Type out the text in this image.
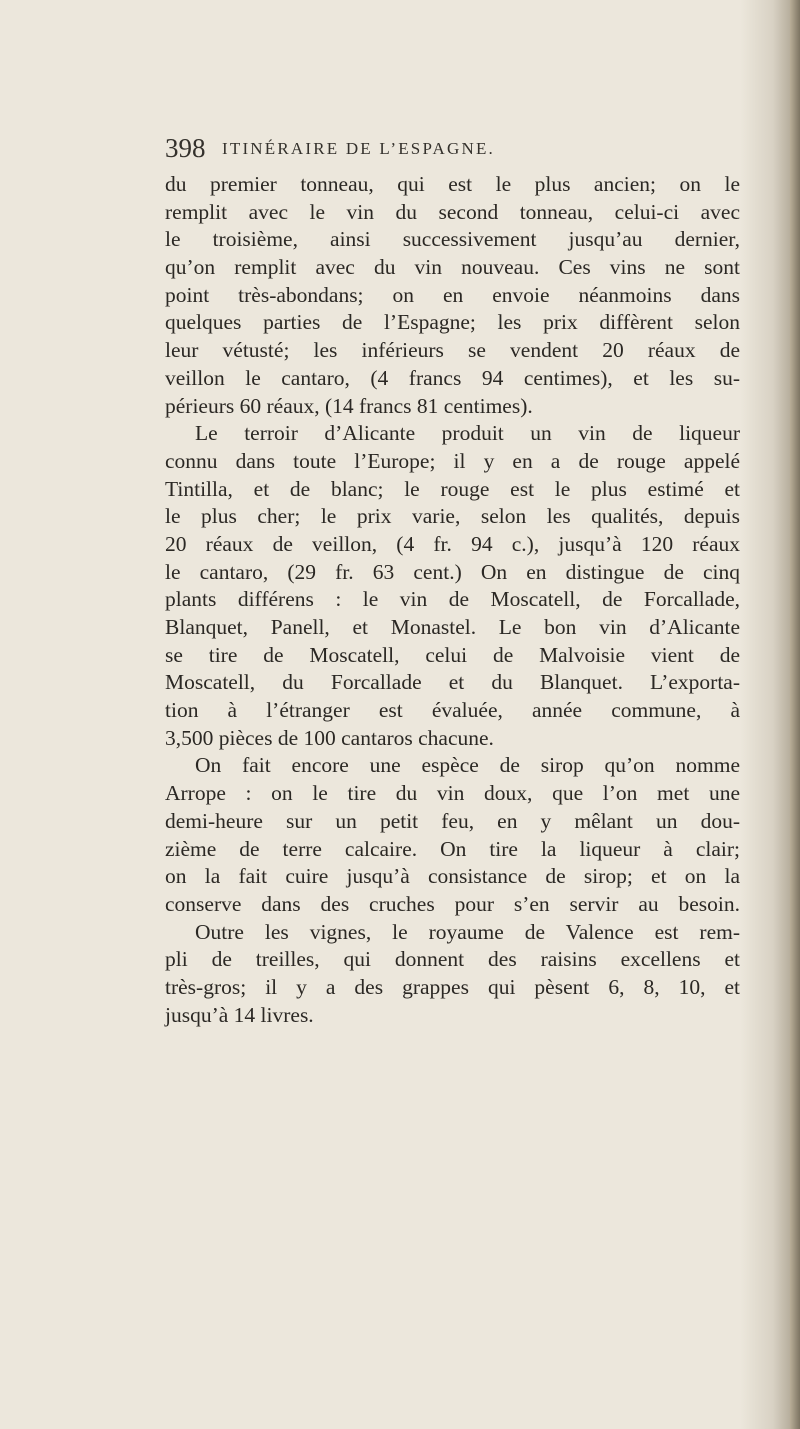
398 ITINÉRAIRE DE L’ESPAGNE.
du premier tonneau, qui est le plus ancien; on le
remplit avec le vin du second tonneau, celui-ci avec
le troisième, ainsi successivement jusqu’au dernier,
qu’on remplit avec du vin nouveau. Ces vins ne sont
point très-abondans; on en envoie néanmoins dans
quelques parties de l’Espagne; les prix diffèrent selon
leur vétusté; les inférieurs se vendent 20 réaux de
veillon le cantaro, (4 francs 94 centimes), et les su-
périeurs 60 réaux, (14 francs 81 centimes).
Le terroir d’Alicante produit un vin de liqueur
connu dans toute l’Europe; il y en a de rouge appelé
Tintilla, et de blanc; le rouge est le plus estimé et
le plus cher; le prix varie, selon les qualités, depuis
20 réaux de veillon, (4 fr. 94 c.), jusqu’à 120 réaux
le cantaro, (29 fr. 63 cent.) On en distingue de cinq
plants différens : le vin de Moscatell, de Forcallade,
Blanquet, Panell, et Monastel. Le bon vin d’Alicante
se tire de Moscatell, celui de Malvoisie vient de
Moscatell, du Forcallade et du Blanquet. L’exporta-
tion à l’étranger est évaluée, année commune, à
3,500 pièces de 100 cantaros chacune.
On fait encore une espèce de sirop qu’on nomme
Arrope : on le tire du vin doux, que l’on met une
demi-heure sur un petit feu, en y mêlant un dou-
zième de terre calcaire. On tire la liqueur à clair;
on la fait cuire jusqu’à consistance de sirop; et on la
conserve dans des cruches pour s’en servir au besoin.
Outre les vignes, le royaume de Valence est rem-
pli de treilles, qui donnent des raisins excellens et
très-gros; il y a des grappes qui pèsent 6, 8, 10, et
jusqu’à 14 livres.
